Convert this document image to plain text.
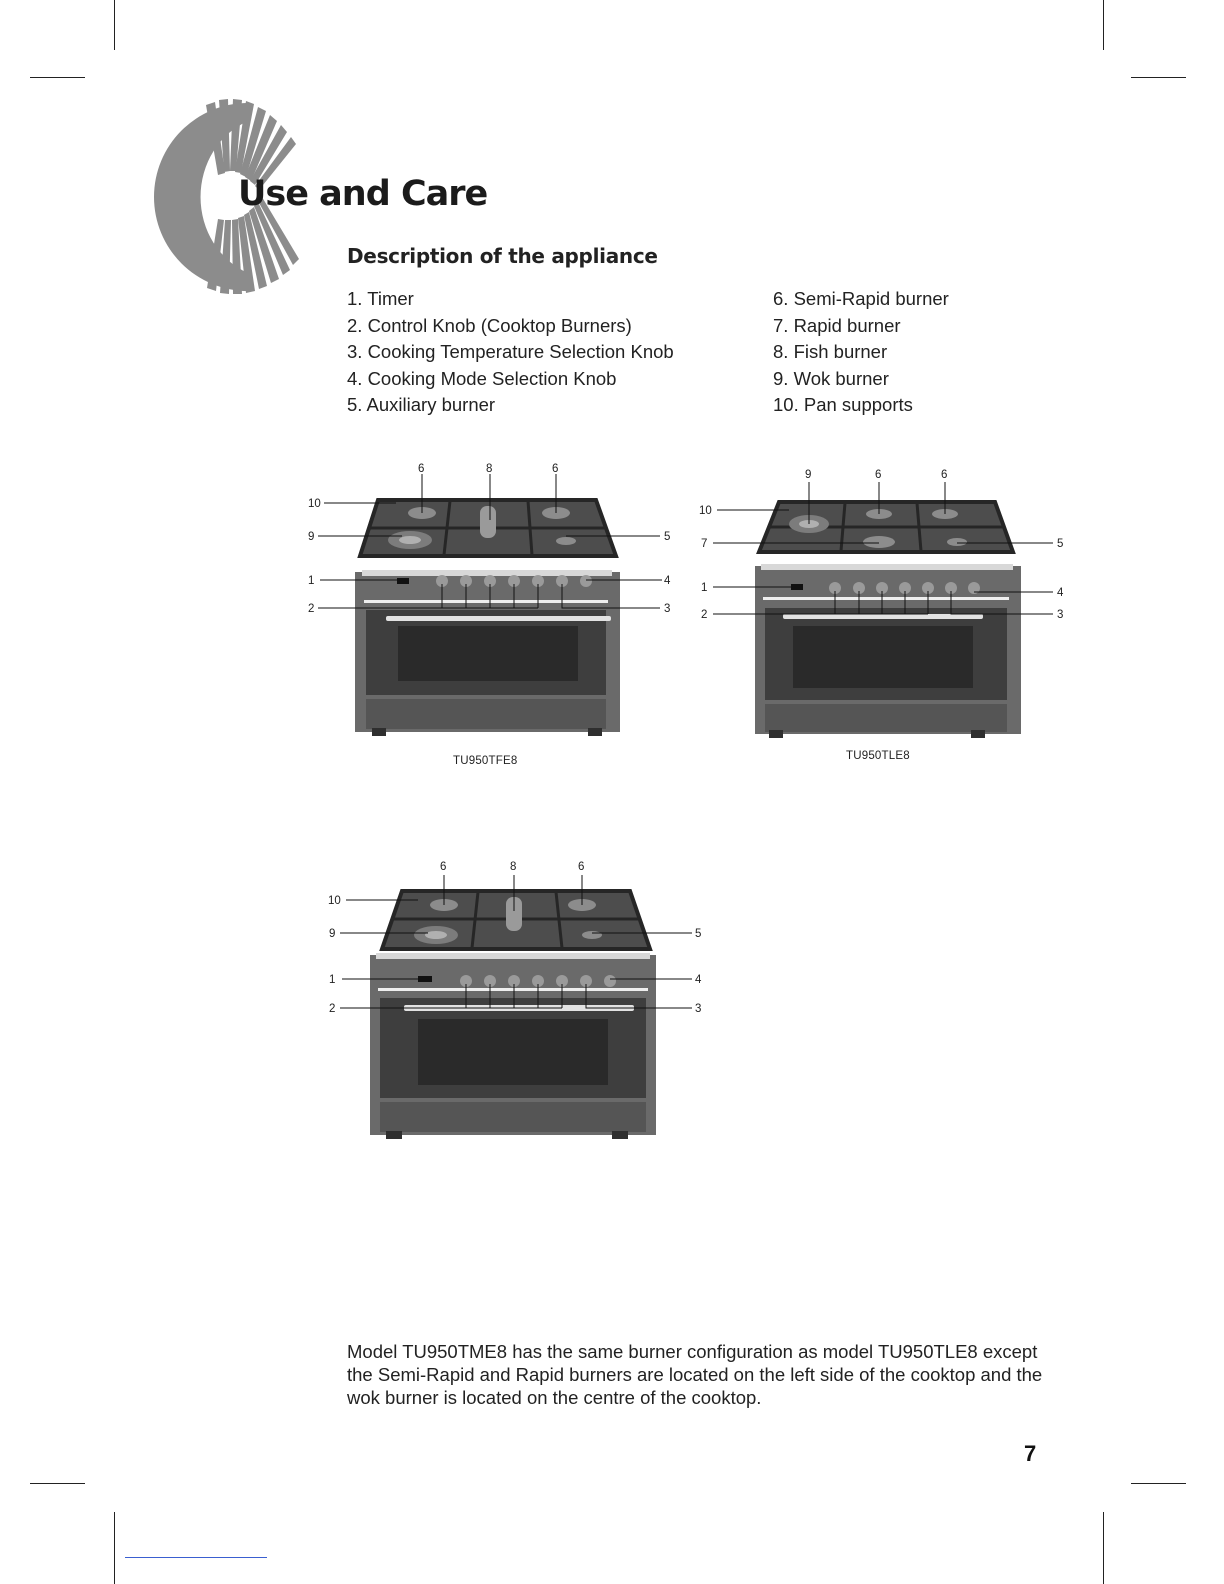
Use and Care
Description of the appliance
1. Timer
2. Control Knob (Cooktop Burners)
3. Cooking Temperature Selection Knob
4. Cooking Mode Selection Knob
5. Auxiliary burner
6. Semi-Rapid burner
7. Rapid burner
8. Fish burner
9. Wok burner
10. Pan supports
6	8	6
10
9	5
1	4
2	3
TU950TFE8
9	6	6
10
7	5
1	4
2	3
TU950TLE8
6	8	6
10
9	5
1	4
2	3

Model TU950TME8 has the same burner configuration as model TU950TLE8 except the Semi-Rapid and Rapid burners are located on the left side of the cooktop and the wok burner is located on the centre of the cooktop.

7
